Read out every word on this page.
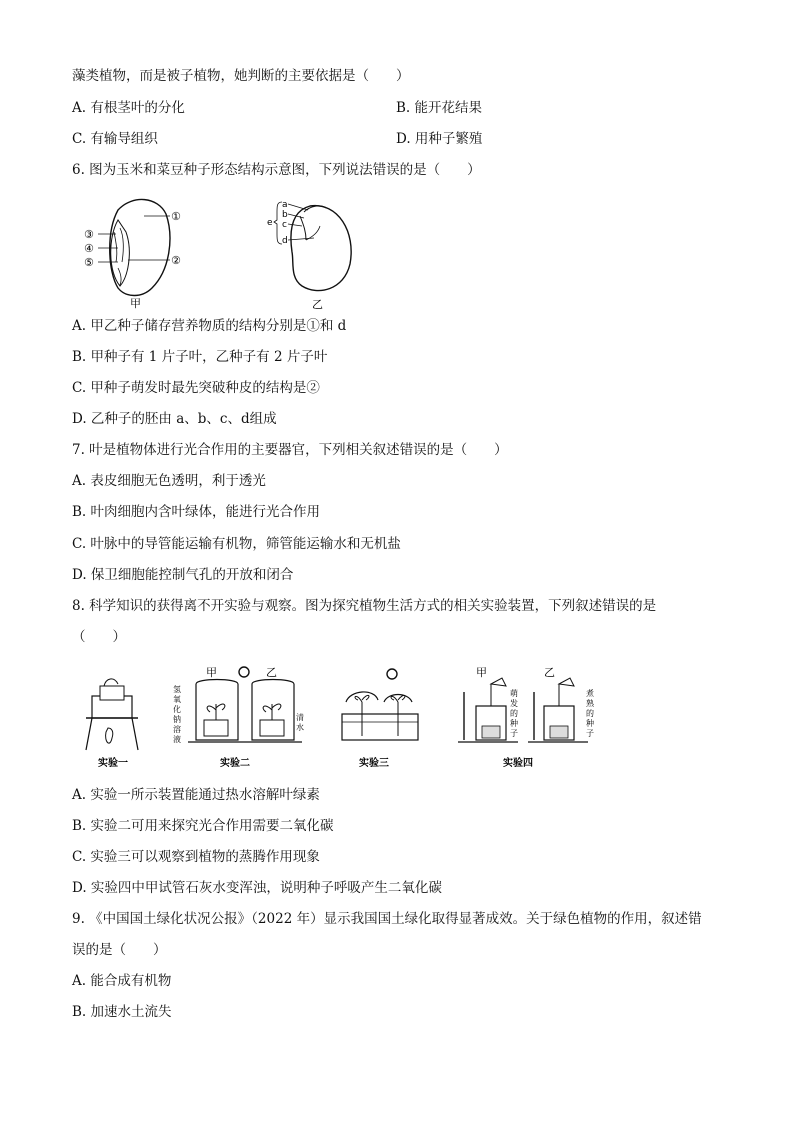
藻类植物，而是被子植物，她判断的主要依据是（　　）
A. 有根茎叶的分化	B. 能开花结果
C. 有输导组织	D. 用种子繁殖
6. 图为玉米和菜豆种子形态结构示意图，下列说法错误的是（　　）
①
②
③
④
⑤
甲
a
b
c
d
e
乙
A. 甲乙种子储存营养物质的结构分别是①和 d
B. 甲种子有 1 片子叶，乙种子有 2 片子叶
C. 甲种子萌发时最先突破种皮的结构是②
D. 乙种子的胚由 a、b、c、d组成
7. 叶是植物体进行光合作用的主要器官，下列相关叙述错误的是（　　）
A. 表皮细胞无色透明，利于透光
B. 叶肉细胞内含叶绿体，能进行光合作用
C. 叶脉中的导管能运输有机物，筛管能运输水和无机盐
D. 保卫细胞能控制气孔的开放和闭合
8. 科学知识的获得离不开实验与观察。图为探究植物生活方式的相关实验装置，下列叙述错误的是
（　　）
实验一
甲	乙
氢氧化钠溶液
清水
实验二	实验三
甲	乙
萌发的种子
煮熟的种子
实验四
A. 实验一所示装置能通过热水溶解叶绿素
B. 实验二可用来探究光合作用需要二氧化碳
C. 实验三可以观察到植物的蒸腾作用现象
D. 实验四中甲试管石灰水变浑浊，说明种子呼吸产生二氧化碳
9. 《中国国土绿化状况公报》（2022 年）显示我国国土绿化取得显著成效。关于绿色植物的作用，叙述错
误的是（　　）
A. 能合成有机物
B. 加速水土流失
